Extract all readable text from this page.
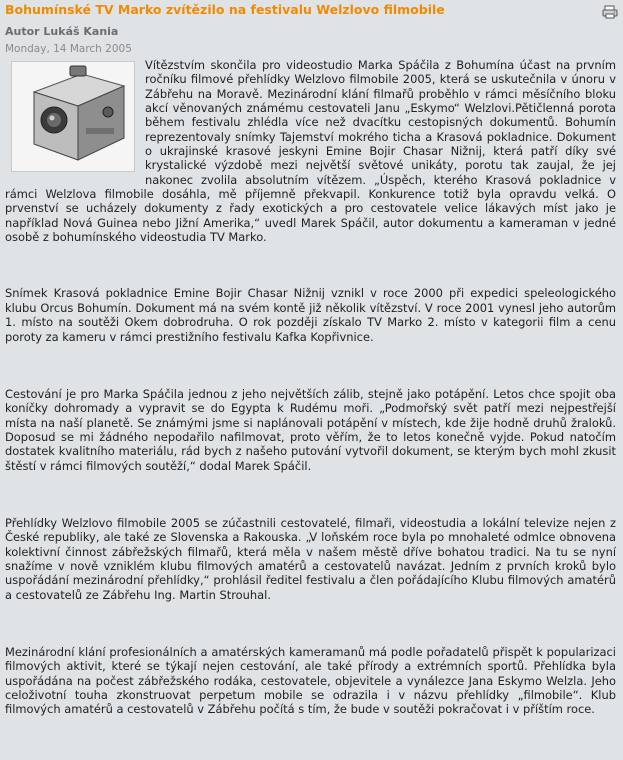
Bohumínské TV Marko zvítězilo na festivalu Welzlovo filmobile
Autor Lukáš Kania
Monday, 14 March 2005

Vítězstvím skončila pro videostudio Marka Spáčila z Bohumína účast na prvním ročníku filmové přehlídky Welzlovo filmobile 2005, která se uskutečnila v únoru v Zábřehu na Moravě. Mezinárodní klání filmařů proběhlo v rámci měsíčního bloku akcí věnovaných známému cestovateli Janu „Eskymo“ Welzlovi.Pětičlenná porota během festivalu zhlédla více než dvacítku cestopisných dokumentů. Bohumín reprezentovaly snímky Tajemství mokrého ticha a Krasová pokladnice. Dokument o ukrajinské krasové jeskyni Emine Bojir Chasar Nižnij, která patří díky své krystalické výzdobě mezi největší světové unikáty, porotu tak zaujal, že jej nakonec zvolila absolutním vítězem. „Úspěch, kterého Krasová pokladnice v rámci Welzlova filmobile dosáhla, mě příjemně překvapil. Konkurence totiž byla opravdu velká. O prvenství se ucházely dokumenty z řady exotických a pro cestovatele velice lákavých míst jako je například Nová Guinea nebo Jižní Amerika,“ uvedl Marek Spáčil, autor dokumentu a kameraman v jedné osobě z bohumínského videostudia TV Marko.

Snímek Krasová pokladnice Emine Bojir Chasar Nižnij vznikl v roce 2000 při expedici speleologického klubu Orcus Bohumín. Dokument má na svém kontě již několik vítězství. V roce 2001 vynesl jeho autorům 1. místo na soutěži Okem dobrodruha. O rok později získalo TV Marko 2. místo v kategorii film a cenu poroty za kameru v rámci prestižního festivalu Kafka Kopřivnice.

Cestování je pro Marka Spáčila jednou z jeho největších zálib, stejně jako potápění. Letos chce spojit oba koníčky dohromady a vypravit se do Egypta k Rudému moři. „Podmořský svět patří mezi nejpestřejší místa na naší planetě. Se známými jsme si naplánovali potápění v místech, kde žije hodně druhů žraloků. Doposud se mi žádného nepodařilo nafilmovat, proto věřím, že to letos konečně vyjde. Pokud natočím dostatek kvalitního materiálu, rád bych z našeho putování vytvořil dokument, se kterým bych mohl zkusit štěstí v rámci filmových soutěží,“ dodal Marek Spáčil.

Přehlídky Welzlovo filmobile 2005 se zúčastnili cestovatelé, filmaři, videostudia a lokální televize nejen z České republiky, ale také ze Slovenska a Rakouska. „V loňském roce byla po mnohaleté odmlce obnovena kolektivní činnost zábřežských filmařů, která měla v našem městě dříve bohatou tradici. Na tu se nyní snažíme v nově vzniklém klubu filmových amatérů a cestovatelů navázat. Jedním z prvních kroků bylo uspořádání mezinárodní přehlídky,“ prohlásil ředitel festivalu a člen pořádajícího Klubu filmových amatérů a cestovatelů ze Zábřehu Ing. Martin Strouhal.

Mezinárodní klání profesionálních a amatérských kameramanů má podle pořadatelů přispět k popularizaci filmových aktivit, které se týkají nejen cestování, ale také přírody a extrémních sportů. Přehlídka byla uspořádána na počest zábřežského rodáka, cestovatele, objevitele a vynálezce Jana Eskymo Welzla. Jeho celoživotní touha zkonstruovat perpetum mobile se odrazila i v názvu přehlídky „filmobile“. Klub filmových amatérů a cestovatelů v Zábřehu počítá s tím, že bude v soutěži pokračovat i v příštím roce.
